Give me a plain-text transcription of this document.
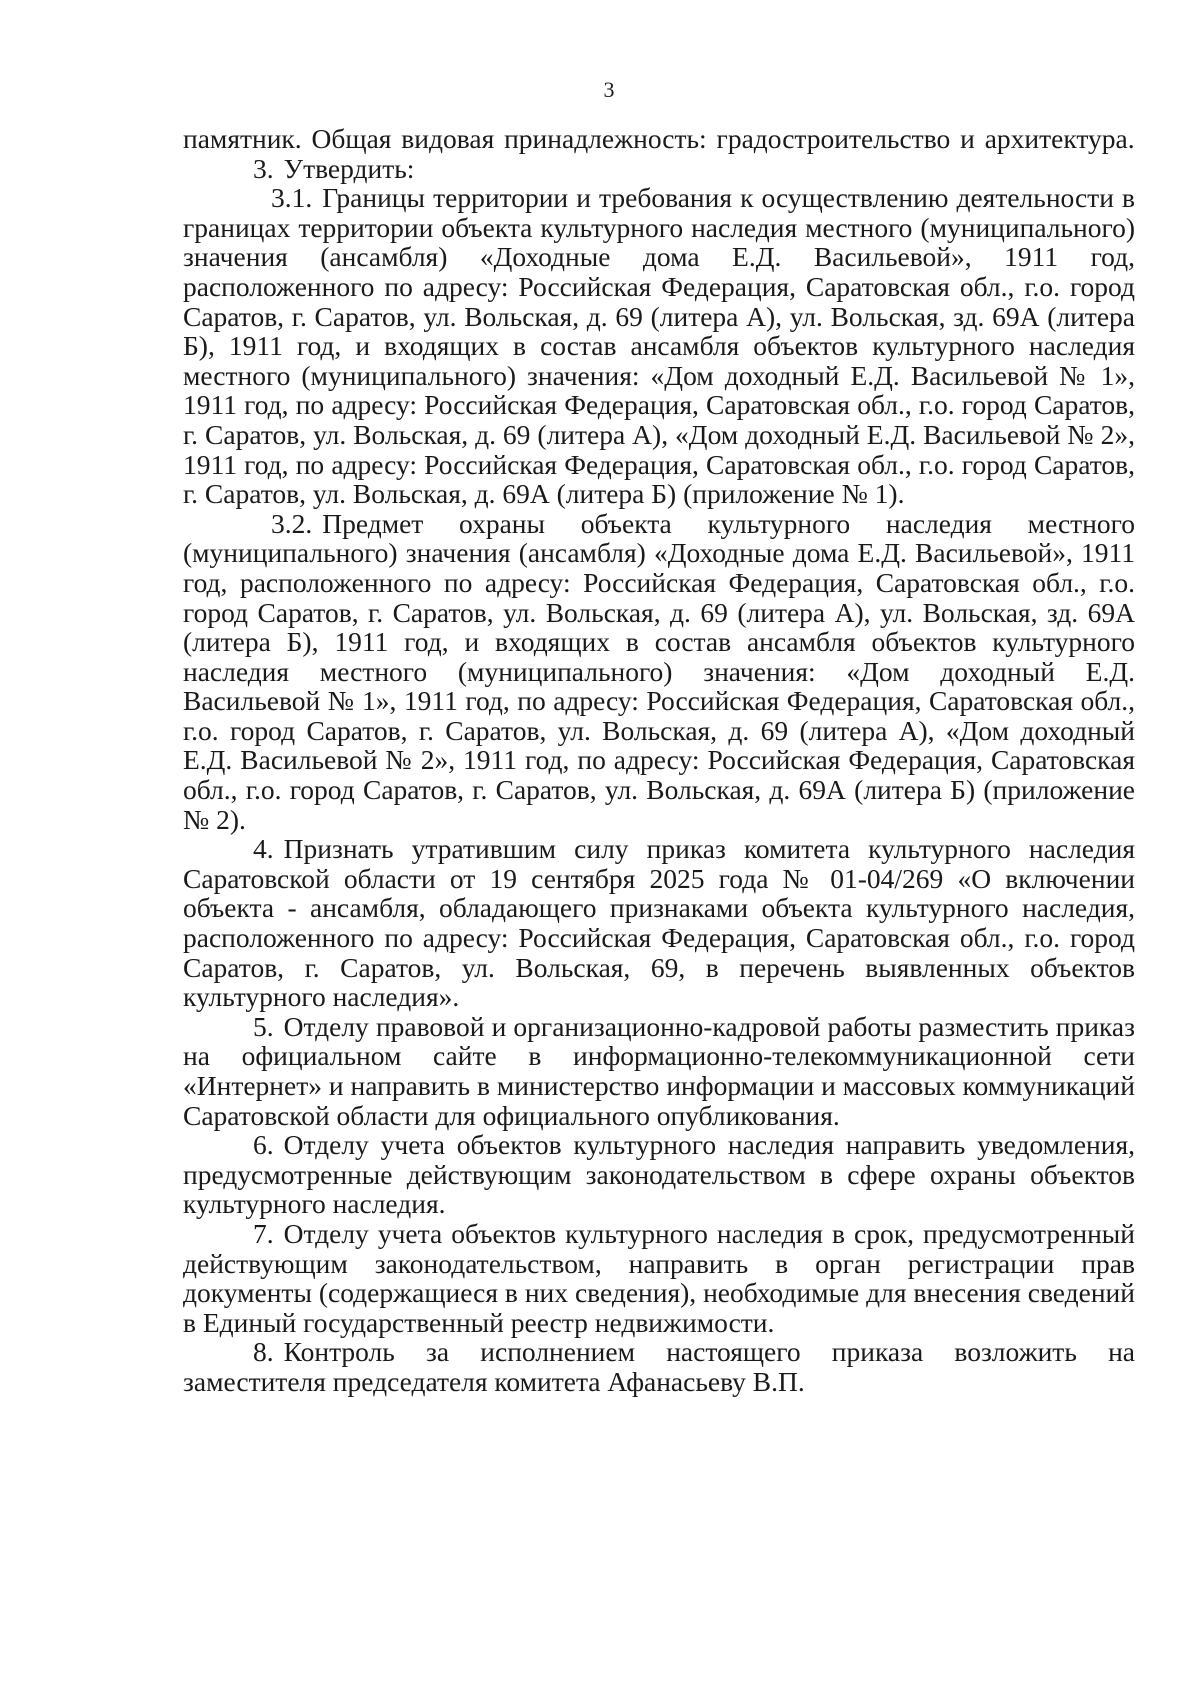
3

памятник. Общая видовая принадлежность: градостроительство и архитектура.

3. Утвердить:

3.1. Границы территории и требования к осуществлению деятельности в границах территории объекта культурного наследия местного (муниципального) значения (ансамбля) «Доходные дома Е.Д. Васильевой», 1911 год, расположенного по адресу: Российская Федерация, Саратовская обл., г.о. город Саратов, г. Саратов, ул. Вольская, д. 69 (литера А), ул. Вольская, зд. 69А (литера Б), 1911 год, и входящих в состав ансамбля объектов культурного наследия местного (муниципального) значения: «Дом доходный Е.Д. Васильевой № 1», 1911 год, по адресу: Российская Федерация, Саратовская обл., г.о. город Саратов, г. Саратов, ул. Вольская, д. 69 (литера А), «Дом доходный Е.Д. Васильевой № 2», 1911 год, по адресу: Российская Федерация, Саратовская обл., г.о. город Саратов, г. Саратов, ул. Вольская, д. 69А (литера Б) (приложение № 1).

3.2. Предмет охраны объекта культурного наследия местного (муниципального) значения (ансамбля) «Доходные дома Е.Д. Васильевой», 1911 год, расположенного по адресу: Российская Федерация, Саратовская обл., г.о. город Саратов, г. Саратов, ул. Вольская, д. 69 (литера А), ул. Вольская, зд. 69А (литера Б), 1911 год, и входящих в состав ансамбля объектов культурного наследия местного (муниципального) значения: «Дом доходный Е.Д. Васильевой № 1», 1911 год, по адресу: Российская Федерация, Саратовская обл., г.о. город Саратов, г. Саратов, ул. Вольская, д. 69 (литера А), «Дом доходный Е.Д. Васильевой № 2», 1911 год, по адресу: Российская Федерация, Саратовская обл., г.о. город Саратов, г. Саратов, ул. Вольская, д. 69А (литера Б) (приложение № 2).

4. Признать утратившим силу приказ комитета культурного наследия Саратовской области от 19 сентября 2025 года № 01-04/269 «О включении объекта - ансамбля, обладающего признаками объекта культурного наследия, расположенного по адресу: Российская Федерация, Саратовская обл., г.о. город Саратов, г. Саратов, ул. Вольская, 69, в перечень выявленных объектов культурного наследия».

5. Отделу правовой и организационно-кадровой работы разместить приказ на официальном сайте в информационно-телекоммуникационной сети «Интернет» и направить в министерство информации и массовых коммуникаций Саратовской области для официального опубликования.

6. Отделу учета объектов культурного наследия направить уведомления, предусмотренные действующим законодательством в сфере охраны объектов культурного наследия.

7. Отделу учета объектов культурного наследия в срок, предусмотренный действующим законодательством, направить в орган регистрации прав документы (содержащиеся в них сведения), необходимые для внесения сведений в Единый государственный реестр недвижимости.

8. Контроль за исполнением настоящего приказа возложить на заместителя председателя комитета Афанасьеву В.П.
